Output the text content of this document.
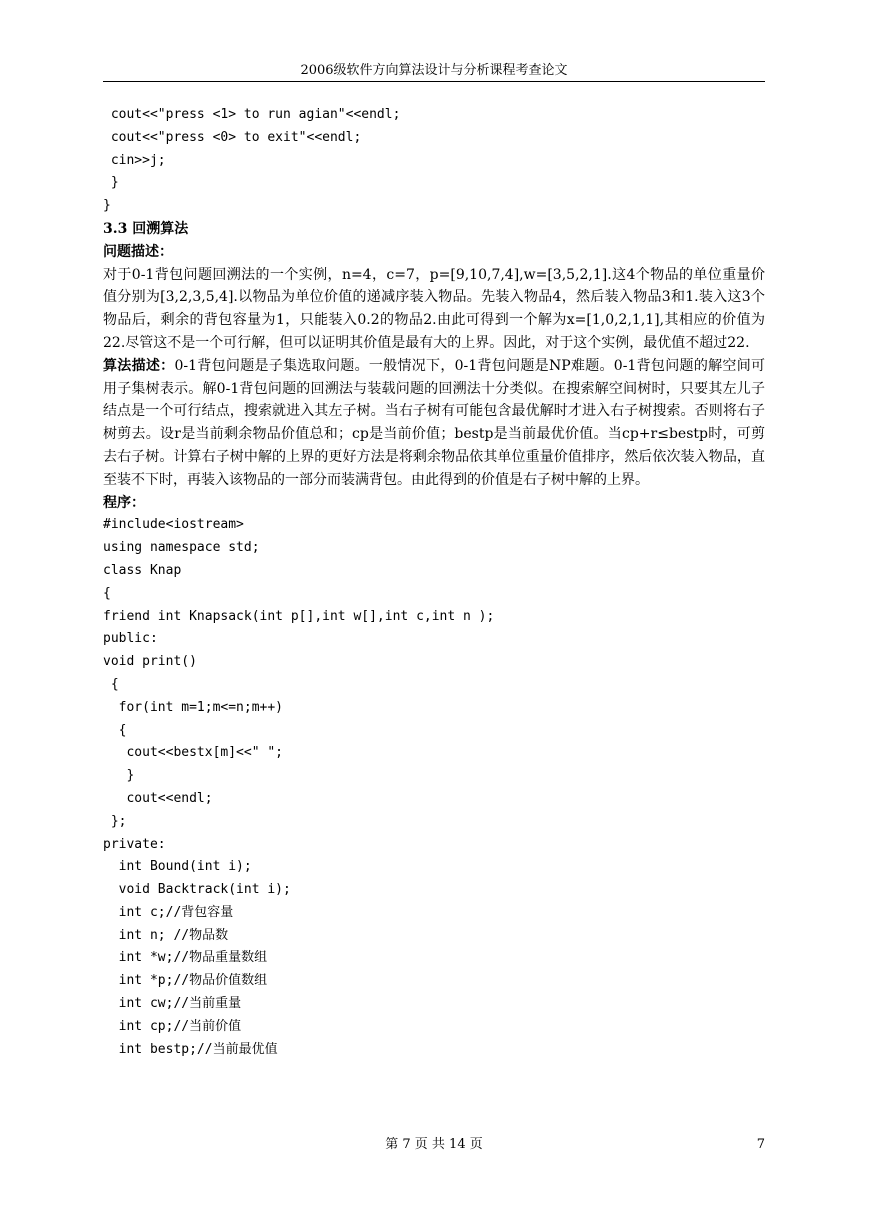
2006级软件方向算法设计与分析课程考查论文
cout<<"press <1> to run agian"<<endl;
cout<<"press <0> to exit"<<endl;
cin>>j;
}
}
3.3 回溯算法
问题描述：

对于0-1背包问题回溯法的一个实例，n=4，c=7，p=[9,10,7,4],w=[3,5,2,1].这4个物品的单位重量价值分别为[3,2,3,5,4].以物品为单位价值的递减序装入物品。先装入物品4，然后装入物品3和1.装入这3个物品后，剩余的背包容量为1，只能装入0.2的物品2.由此可得到一个解为x=[1,0,2,1,1],其相应的价值为22.尽管这不是一个可行解，但可以证明其价值是最有大的上界。因此，对于这个实例，最优值不超过22.

算法描述：0-1背包问题是子集选取问题。一般情况下，0-1背包问题是NP难题。0-1背包问题的解空间可用子集树表示。解0-1背包问题的回溯法与装载问题的回溯法十分类似。在搜索解空间树时，只要其左儿子结点是一个可行结点，搜索就进入其左子树。当右子树有可能包含最优解时才进入右子树搜索。否则将右子树剪去。设r是当前剩余物品价值总和；cp是当前价值；bestp是当前最优价值。当cp+r≤bestp时，可剪去右子树。计算右子树中解的上界的更好方法是将剩余物品依其单位重量价值排序，然后依次装入物品，直至装不下时，再装入该物品的一部分而装满背包。由此得到的价值是右子树中解的上界。

程序：
#include<iostream>
using namespace std;
class Knap
{
friend int Knapsack(int p[],int w[],int c,int n );
public:
void print()
{
for(int m=1;m<=n;m++)
{
cout<<bestx[m]<<" ";
}
cout<<endl;
};
private:
int Bound(int i);
void Backtrack(int i);
int c;//背包容量
int n; //物品数
int *w;//物品重量数组
int *p;//物品价值数组
int cw;//当前重量
int cp;//当前价值
int bestp;//当前最优值
第 7 页 共 14 页	7
